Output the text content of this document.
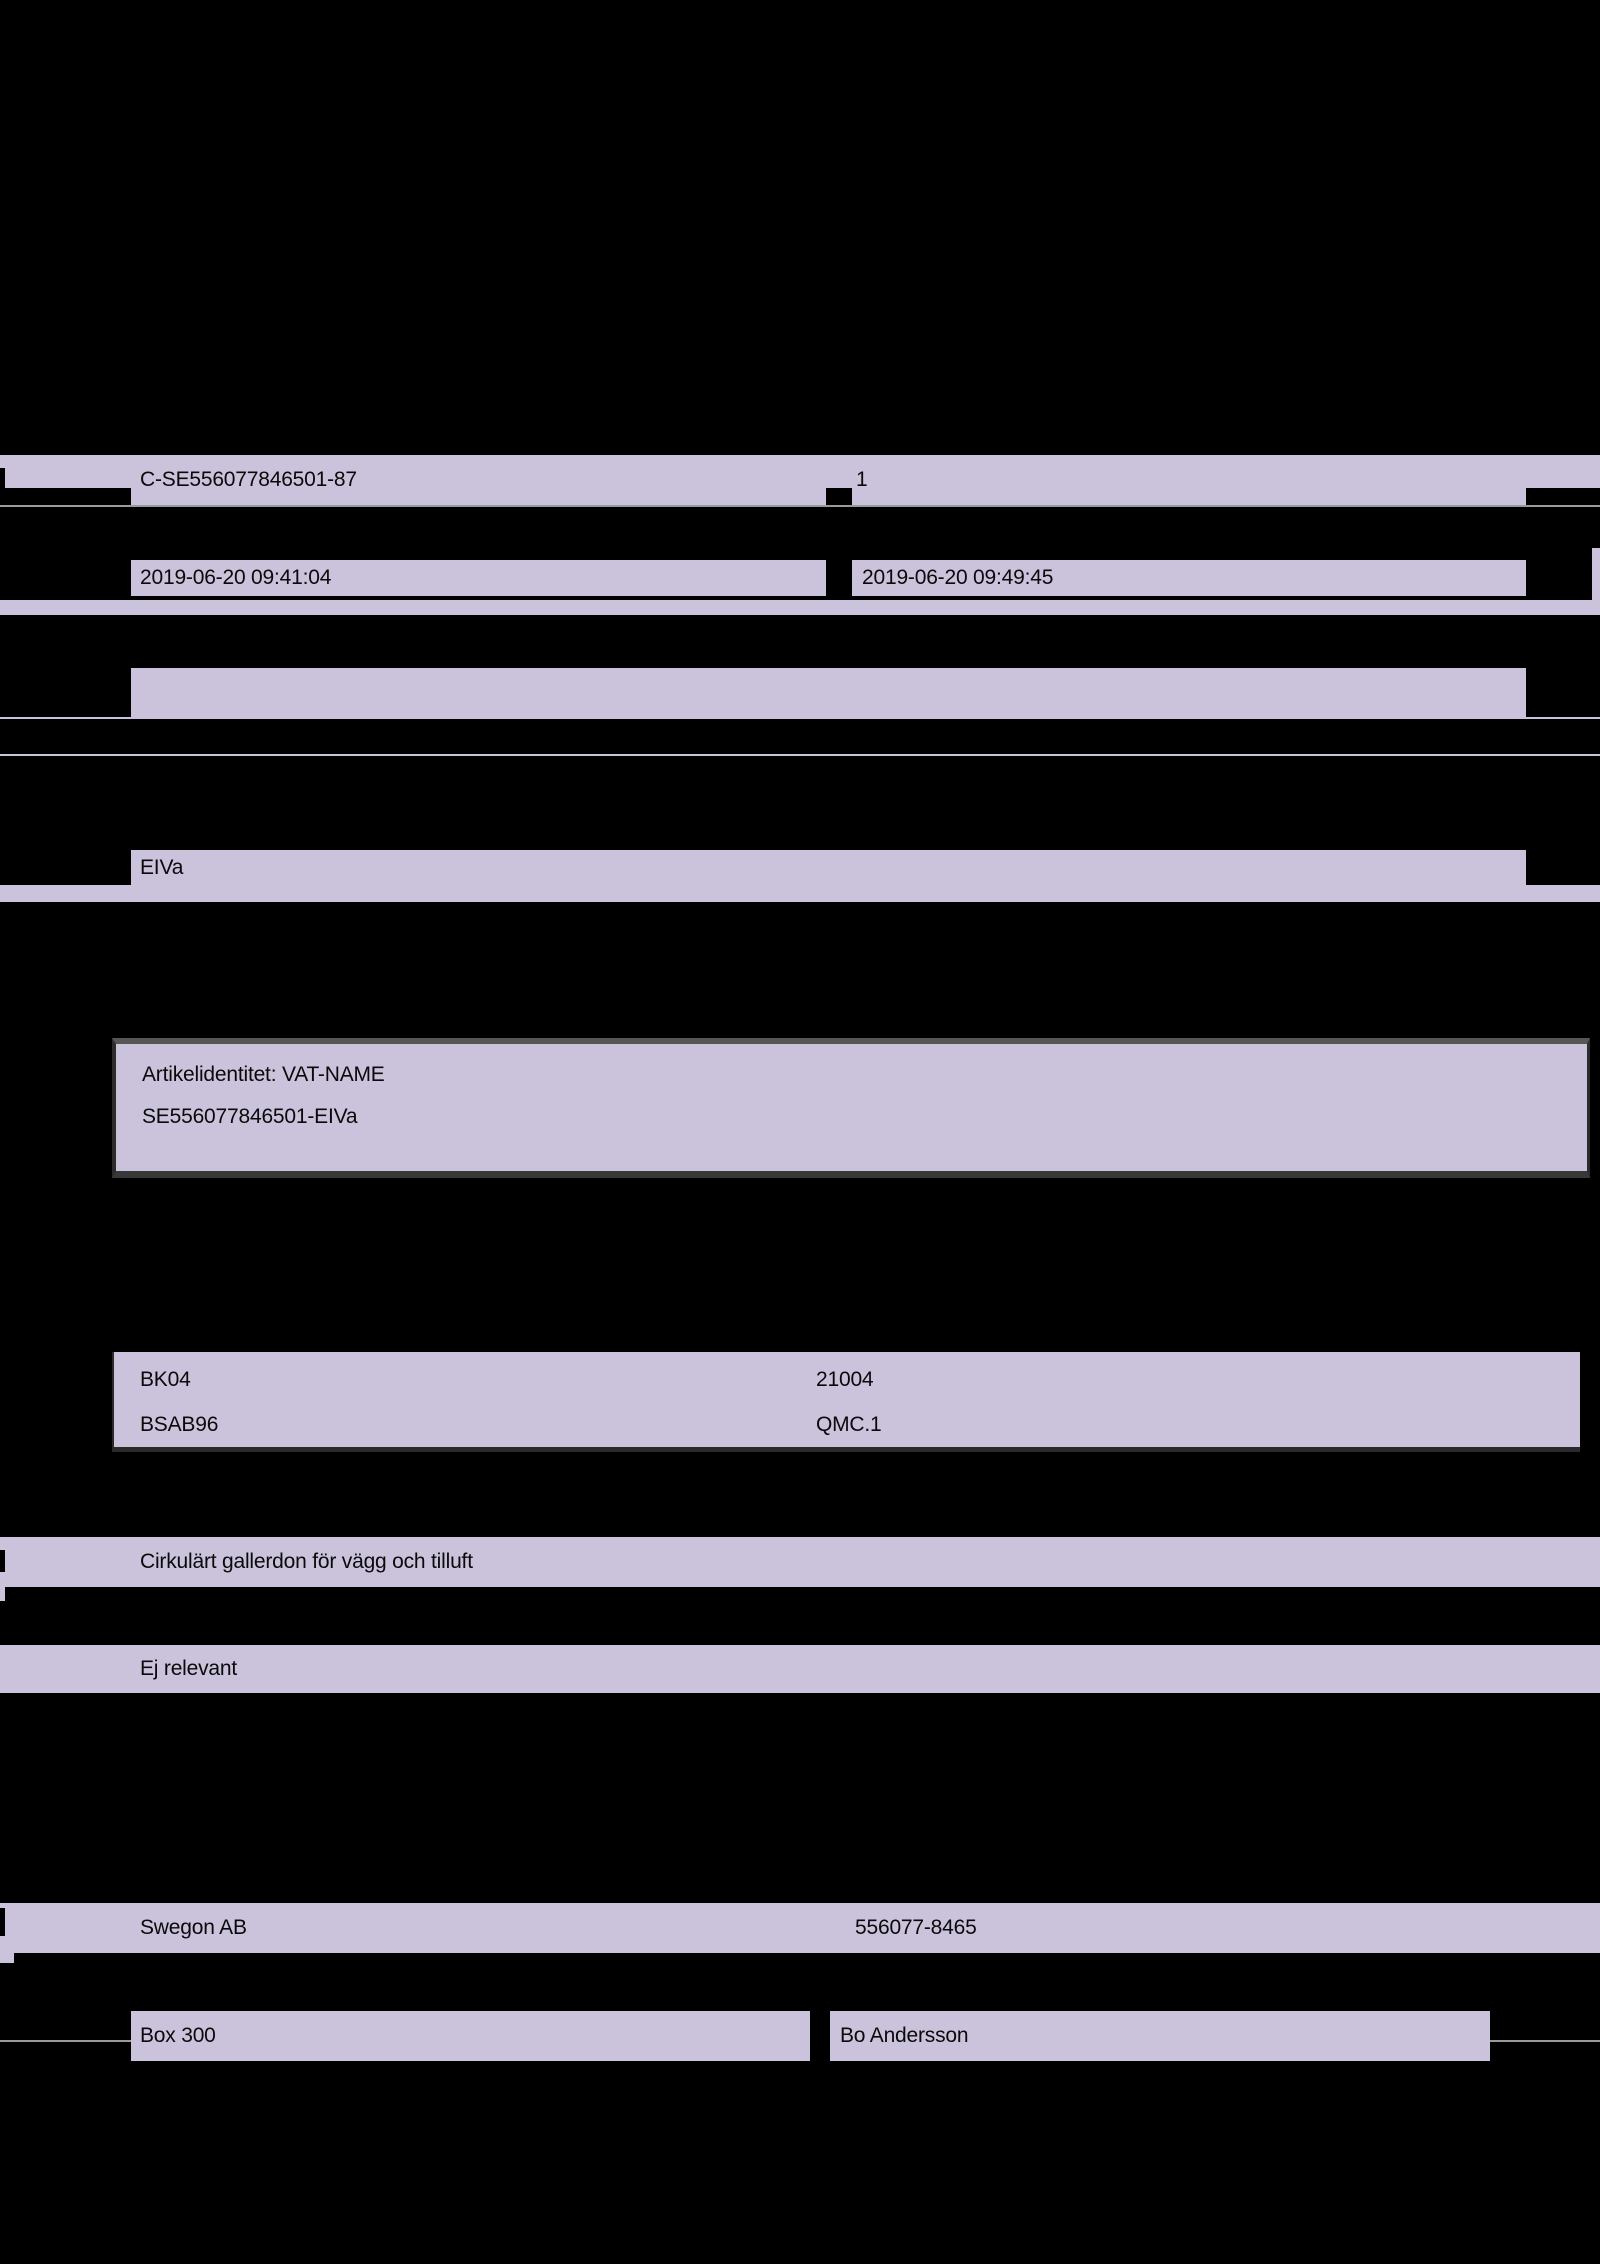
C-SE556077846501-87	1
2019-06-20 09:41:04	2019-06-20 09:49:45
EIVa
Artikelidentitet: VAT-NAME
SE556077846501-EIVa
BK04	21004
BSAB96	QMC.1
Cirkulärt gallerdon för vägg och tilluft
Ej relevant
Swegon AB	556077-8465
Box 300	Bo Andersson
